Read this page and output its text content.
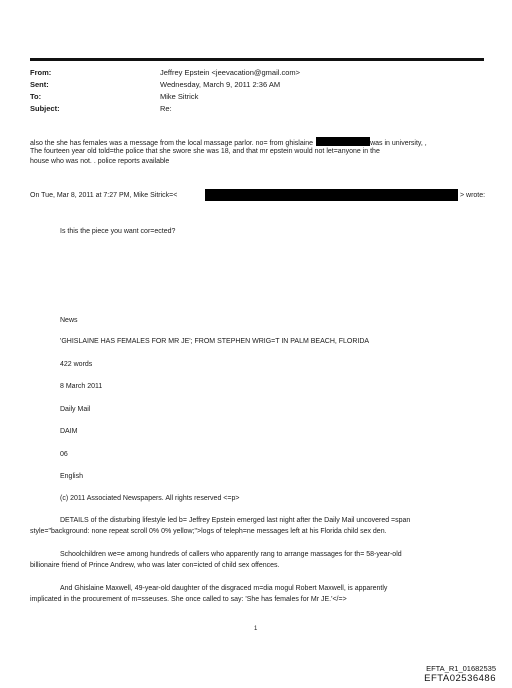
From:	Jeffrey Epstein <jeevacation@gmail.com>
Sent:	Wednesday, March 9, 2011 2:36 AM
To:	Mike Sitrick
Subject:	Re:
also the she has females was a message from the local massage parlor. no= from ghislaine	was in university, ,
The fourteen year old told=the police that she swore she was 18, and that mr epstein would not let=anyone in the
house who was not. . police reports available
On Tue, Mar 8, 2011 at 7:27 PM, Mike Sitrick=<	> wrote:
Is this the piece you want cor=ected?
News
'GHISLAINE HAS FEMALES FOR MR JE'; FROM STEPHEN WRIG=T IN PALM BEACH, FLORIDA
422 words
8 March 2011
Daily Mail
DAIM
06
English
(c) 2011 Associated Newspapers. All rights reserved <=p>
DETAILS of the disturbing lifestyle led b= Jeffrey Epstein emerged last night after the Daily Mail uncovered =span
style="background: none repeat scroll 0% 0% yellow;">logs of teleph=ne messages left at his Florida child sex den.
Schoolchildren we=e among hundreds of callers who apparently rang to arrange massages for th= 58-year-old
billionaire friend of Prince Andrew, who was later con=icted of child sex offences.
And Ghislaine Maxwell, 49-year-old daughter of the disgraced m=dia mogul Robert Maxwell, is apparently
implicated in the procurement of m=sseuses. She once called to say: 'She has females for Mr JE.'</=>
1
EFTA_R1_01682535
EFTA02536486
